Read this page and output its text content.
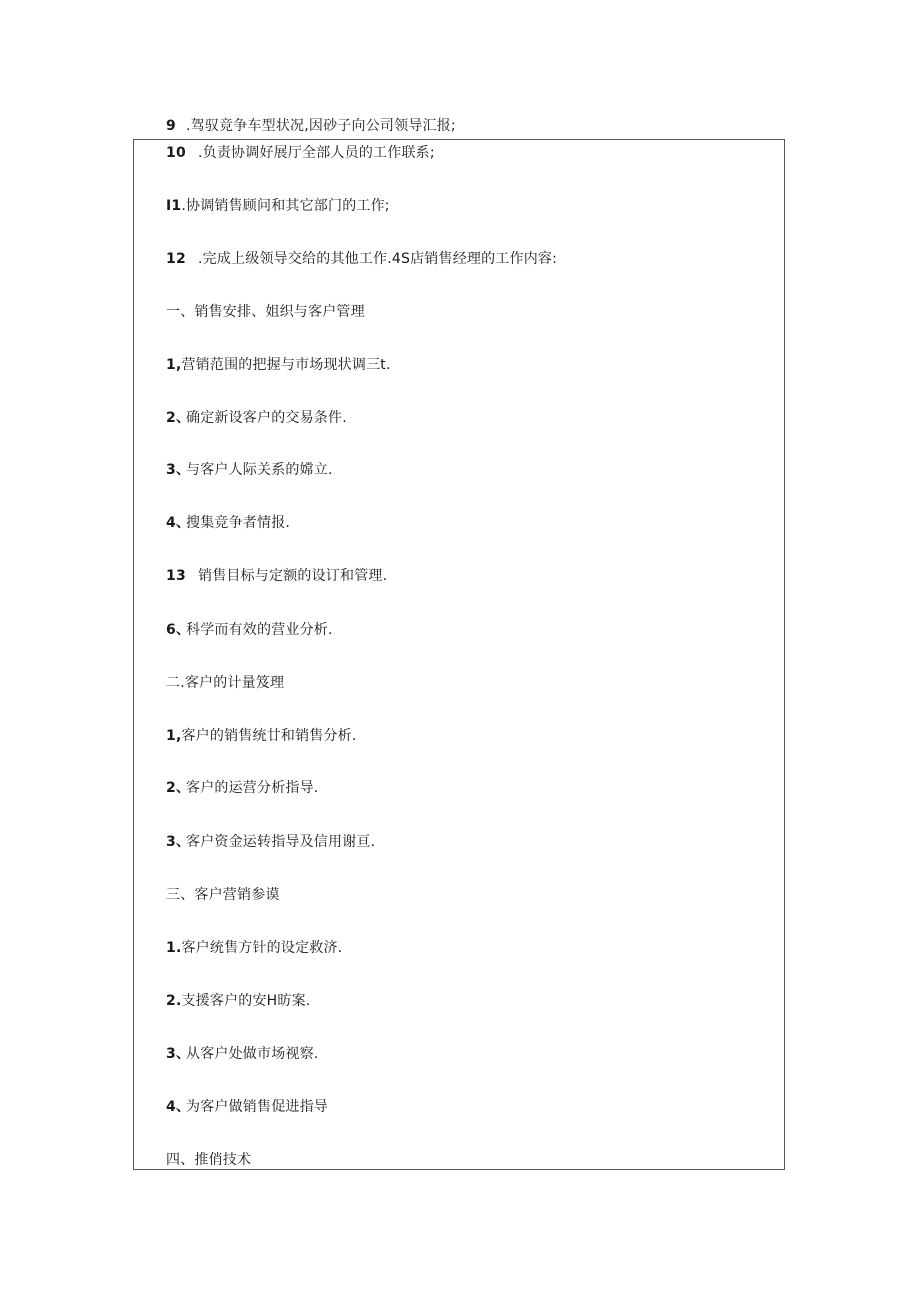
9 .驾驭竞争车型状况,因砂子向公司领导汇报;
10 .负责协调好展厅全部人员的工作联系;
I1.协调销售顾问和其它部门的工作;
12 .完成上级领导交给的其他工作.4S店销售经理的工作内容:
一、销售安排、姐织与客户管理
1,营销范围的把握与市场现状调三t.
2、确定新设客户的交易条件.
3、与客户人际关系的嫦立.
4、搜集竞争者情报.
13 销售目标与定额的设订和管理.
6、科学而有效的营业分析.
二.客户的计量笈理
1,客户的销售统廿和销售分析.
2、客户的运营分析指导.
3、客户资金运转指导及信用谢亘.
三、客户营销参谟
1.客户统售方针的设定救济.
2.支援客户的安H昉案.
3、从客户处做市场视察.
4、为客户做销售促进指导
四、推俏技术
